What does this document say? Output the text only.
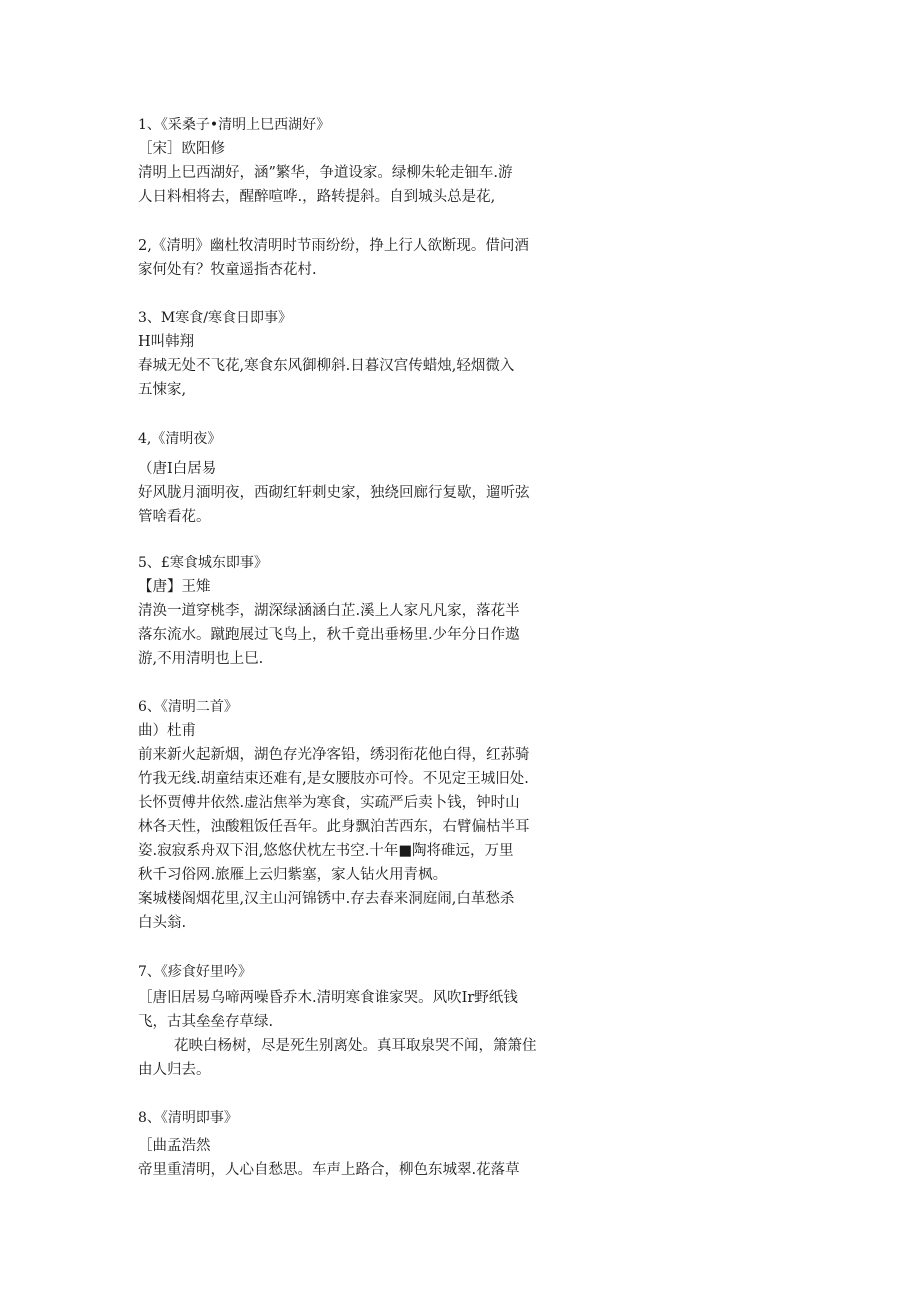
1、《采桑子•清明上巳西湖好》
［宋］欧阳修
清明上巳西湖好，涵”繁华，争道设家。绿柳朱轮走钿车.游
人日料相将去，醒醉喧哗.，路转提斜。自到城头总是花,
2,《清明》幽杜牧清明时节雨纷纷，挣上行人欲断现。借问酒
家何处有？牧童遥指杏花村.
3、M寒食/寒食日即事》
H叫韩翔
春城无处不飞花,寒食东风御柳斜.日暮汉宫传蜡烛,轻烟微入
五悚家,
4,《清明夜》
（唐I白居易
好风胧月湎明夜，西砌红轩刺史家，独绕回廊行复歇，遛听弦
管啥看花。
5、£寒食城东即事》
【唐】王雉
清涣一道穿桃李，湖深绿涵涵白芷.溪上人家凡凡家，落花半
落东流水。蹴跑展过飞鸟上，秋千竟出垂杨里.少年分日作遨
游,不用清明也上巳.
6、《清明二首》
曲）杜甫
前来新火起新烟，湖色存光净客铅，绣羽衔花他白得，红荪骑
竹我无线.胡童结束还难有,是女腰肢亦可怜。不见定王城旧处.
长怀贾傅井依然.虚沾焦举为寒食，实疏严后卖卜钱，钟时山
林各天性，浊酸粗饭任吾年。此身飘泊苦西东，右臂偏枯半耳
姿.寂寂系舟双下泪,悠悠伏枕左书空.十年■陶将碓远，万里
秋千习俗网.旅雁上云归紫塞，家人钻火用青枫。
案城楼阁烟花里,汉主山河锦锈中.存去春来洞庭闹,白革愁杀
白头翁.
7、《疹食好里吟》
［唐旧居易乌啼两噪昏乔木.清明寒食谁家哭。风吹Ir野纸钱
飞，古其垒垒存草绿.
花映白杨树，尽是死生别离处。真耳取泉哭不闻，箫箫住
由人归去。
8、《清明即事》
［曲孟浩然
帝里重清明，人心自愁思。车声上路合，柳色东城翠.花落草
